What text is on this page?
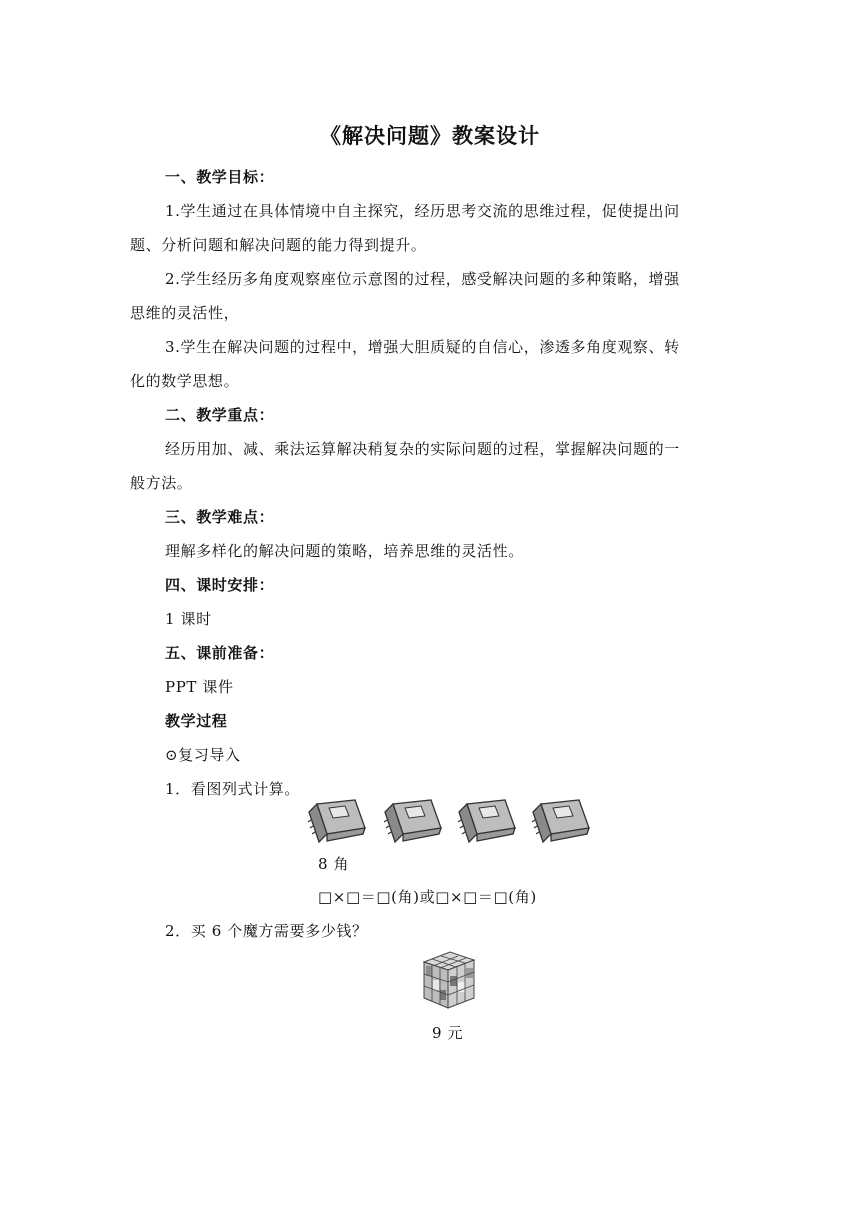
《解决问题》教案设计
一、教学目标：
1.学生通过在具体情境中自主探究，经历思考交流的思维过程，促使提出问
题、分析问题和解决问题的能力得到提升。
2.学生经历多角度观察座位示意图的过程，感受解决问题的多种策略，增强
思维的灵活性，
3.学生在解决问题的过程中，增强大胆质疑的自信心，渗透多角度观察、转
化的数学思想。
二、教学重点：
经历用加、减、乘法运算解决稍复杂的实际问题的过程，掌握解决问题的一
般方法。
三、教学难点：
理解多样化的解决问题的策略，培养思维的灵活性。
四、课时安排：
1 课时
五、课前准备：
PPT 课件
教学过程
⊙复习导入
1．看图列式计算。
8 角
□×□＝□(角)或□×□＝□(角)
2．买 6 个魔方需要多少钱？
9 元
